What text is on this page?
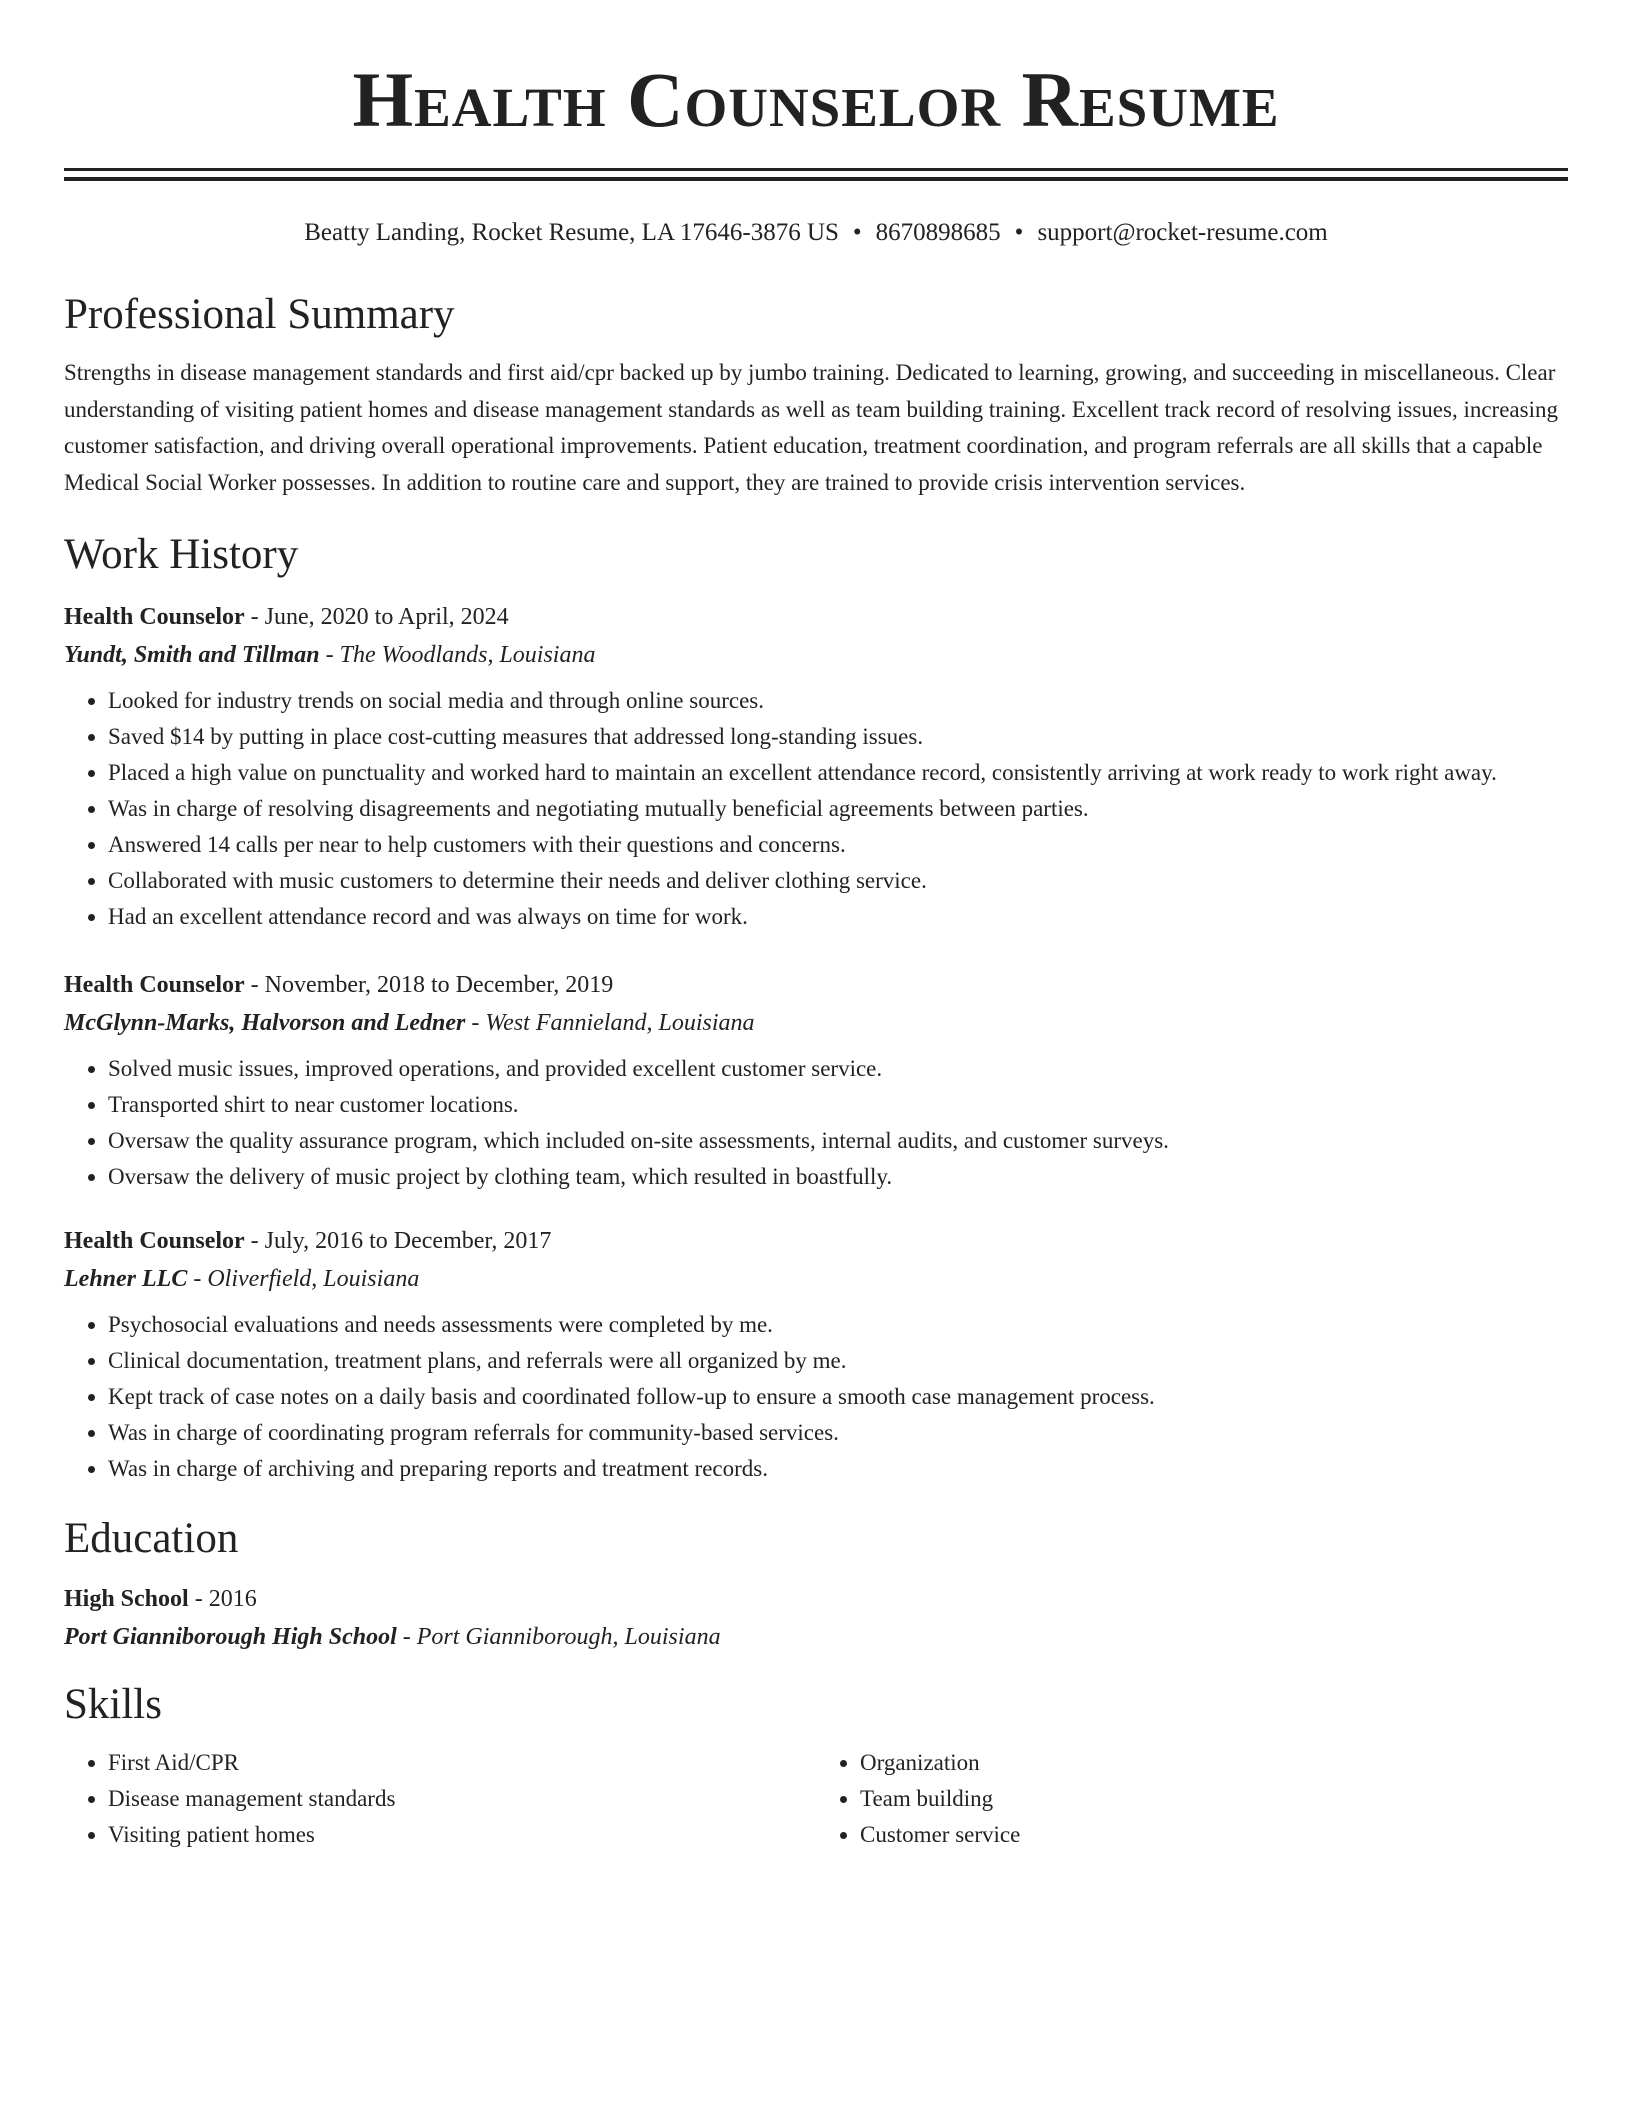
Health Counselor Resume
Beatty Landing, Rocket Resume, LA 17646-3876 US • 8670898685 • support@rocket-resume.com
Professional Summary

Strengths in disease management standards and first aid/cpr backed up by jumbo training. Dedicated to learning, growing, and succeeding in miscellaneous. Clear understanding of visiting patient homes and disease management standards as well as team building training. Excellent track record of resolving issues, increasing customer satisfaction, and driving overall operational improvements. Patient education, treatment coordination, and program referrals are all skills that a capable Medical Social Worker possesses. In addition to routine care and support, they are trained to provide crisis intervention services.

Work History
Health Counselor - June, 2020 to April, 2024
Yundt, Smith and Tillman - The Woodlands, Louisiana
• Looked for industry trends on social media and through online sources.
• Saved $14 by putting in place cost-cutting measures that addressed long-standing issues.
• Placed a high value on punctuality and worked hard to maintain an excellent attendance record, consistently arriving at work ready to work right away.
• Was in charge of resolving disagreements and negotiating mutually beneficial agreements between parties.
• Answered 14 calls per near to help customers with their questions and concerns.
• Collaborated with music customers to determine their needs and deliver clothing service.
• Had an excellent attendance record and was always on time for work.
Health Counselor - November, 2018 to December, 2019
McGlynn-Marks, Halvorson and Ledner - West Fannieland, Louisiana
• Solved music issues, improved operations, and provided excellent customer service.
• Transported shirt to near customer locations.
• Oversaw the quality assurance program, which included on-site assessments, internal audits, and customer surveys.
• Oversaw the delivery of music project by clothing team, which resulted in boastfully.
Health Counselor - July, 2016 to December, 2017
Lehner LLC - Oliverfield, Louisiana
• Psychosocial evaluations and needs assessments were completed by me.
• Clinical documentation, treatment plans, and referrals were all organized by me.
• Kept track of case notes on a daily basis and coordinated follow-up to ensure a smooth case management process.
• Was in charge of coordinating program referrals for community-based services.
• Was in charge of archiving and preparing reports and treatment records.
Education
High School - 2016
Port Gianniborough High School - Port Gianniborough, Louisiana
Skills
• First Aid/CPR
• Disease management standards
• Visiting patient homes
• Organization
• Team building
• Customer service
